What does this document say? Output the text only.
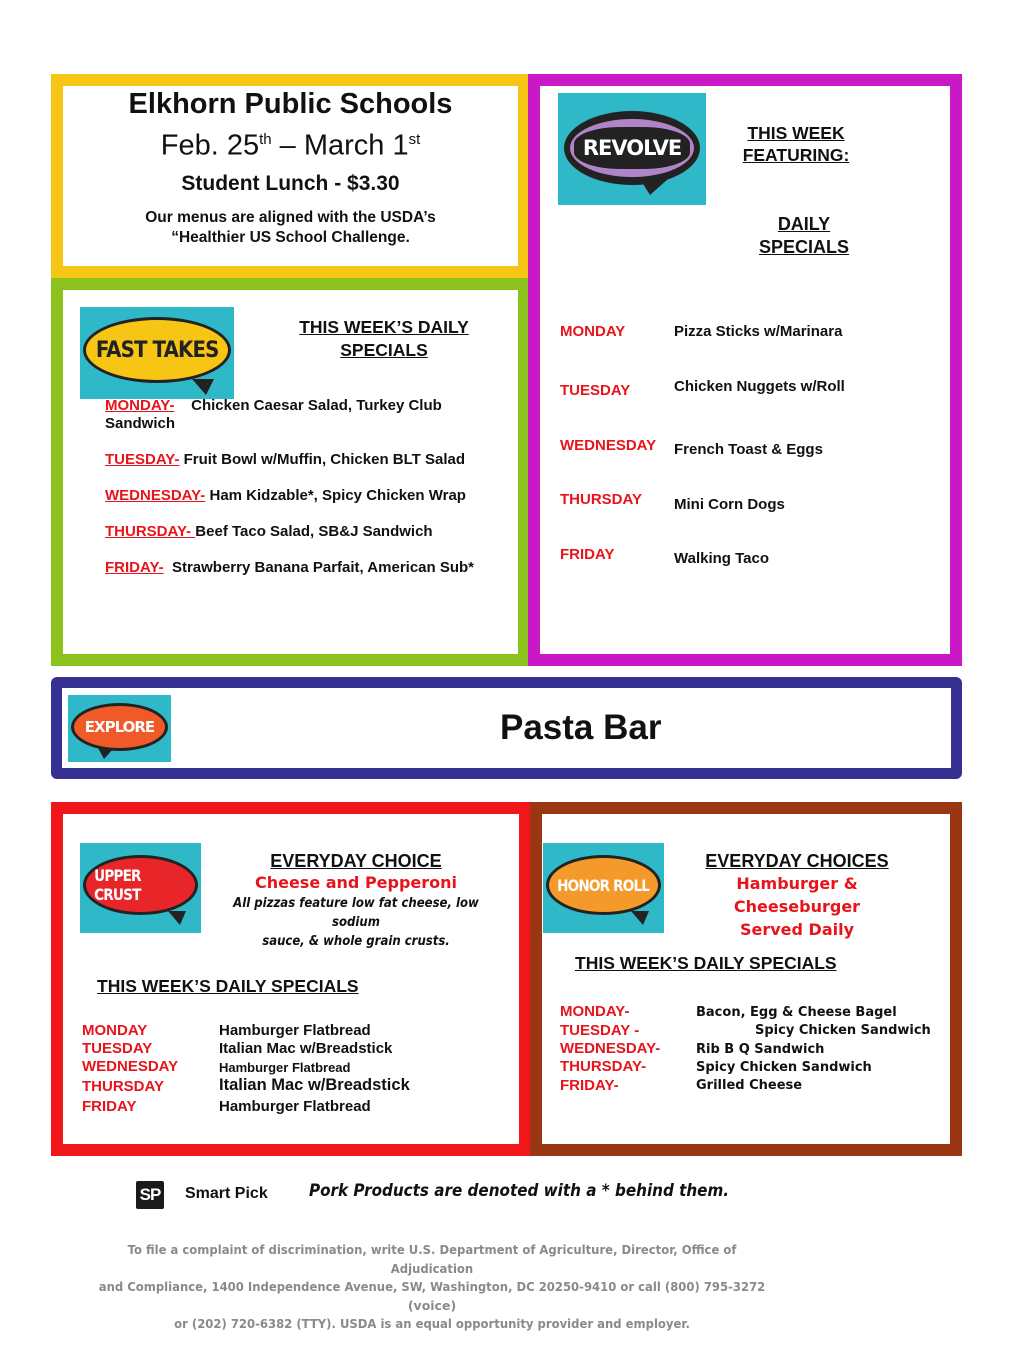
Elkhorn Public Schools
Feb. 25th – March 1st
Student Lunch - $3.30
Our menus are aligned with the USDA’s
“Healthier US School Challenge.
REVOLVE
THIS WEEK
FEATURING:
DAILY
SPECIALS
MONDAY	Pizza Sticks w/Marinara
TUESDAY	Chicken Nuggets w/Roll
WEDNESDAY French Toast & Eggs
THURSDAY Mini Corn Dogs
FRIDAY	Walking Taco
FAST TAKES
THIS WEEK’S DAILY
SPECIALS
MONDAY-    Chicken Caesar Salad, Turkey Club
Sandwich
TUESDAY- Fruit Bowl w/Muffin, Chicken BLT Salad
WEDNESDAY- Ham Kidzable*, Spicy Chicken Wrap
THURSDAY- Beef Taco Salad, SB&J Sandwich
FRIDAY-  Strawberry Banana Parfait, American Sub*
EXPLORE	Pasta Bar
UPPER CRUST
EVERYDAY CHOICE
Cheese and Pepperoni
All pizzas feature low fat cheese, low sodium
sauce, & whole grain crusts.
THIS WEEK’S DAILY SPECIALS
MONDAY	Hamburger Flatbread
TUESDAY	Italian Mac w/Breadstick
WEDNESDAY	Hamburger Flatbread
THURSDAY	Italian Mac w/Breadstick
FRIDAY	Hamburger Flatbread
HONOR ROLL
EVERYDAY CHOICES
Hamburger & Cheeseburger
Served Daily
THIS WEEK’S DAILY SPECIALS
MONDAY-	Bacon, Egg & Cheese Bagel
TUESDAY -	Spicy Chicken Sandwich
WEDNESDAY-	Rib B Q Sandwich
THURSDAY-	Spicy Chicken Sandwich
FRIDAY-	Grilled Cheese
SP Smart Pick	Pork Products are denoted with a * behind them.
To file a complaint of discrimination, write U.S. Department of Agriculture, Director, Office of Adjudication
and Compliance, 1400 Independence Avenue, SW, Washington, DC 20250-9410 or call (800) 795-3272
(voice)
or (202) 720-6382 (TTY). USDA is an equal opportunity provider and employer.
